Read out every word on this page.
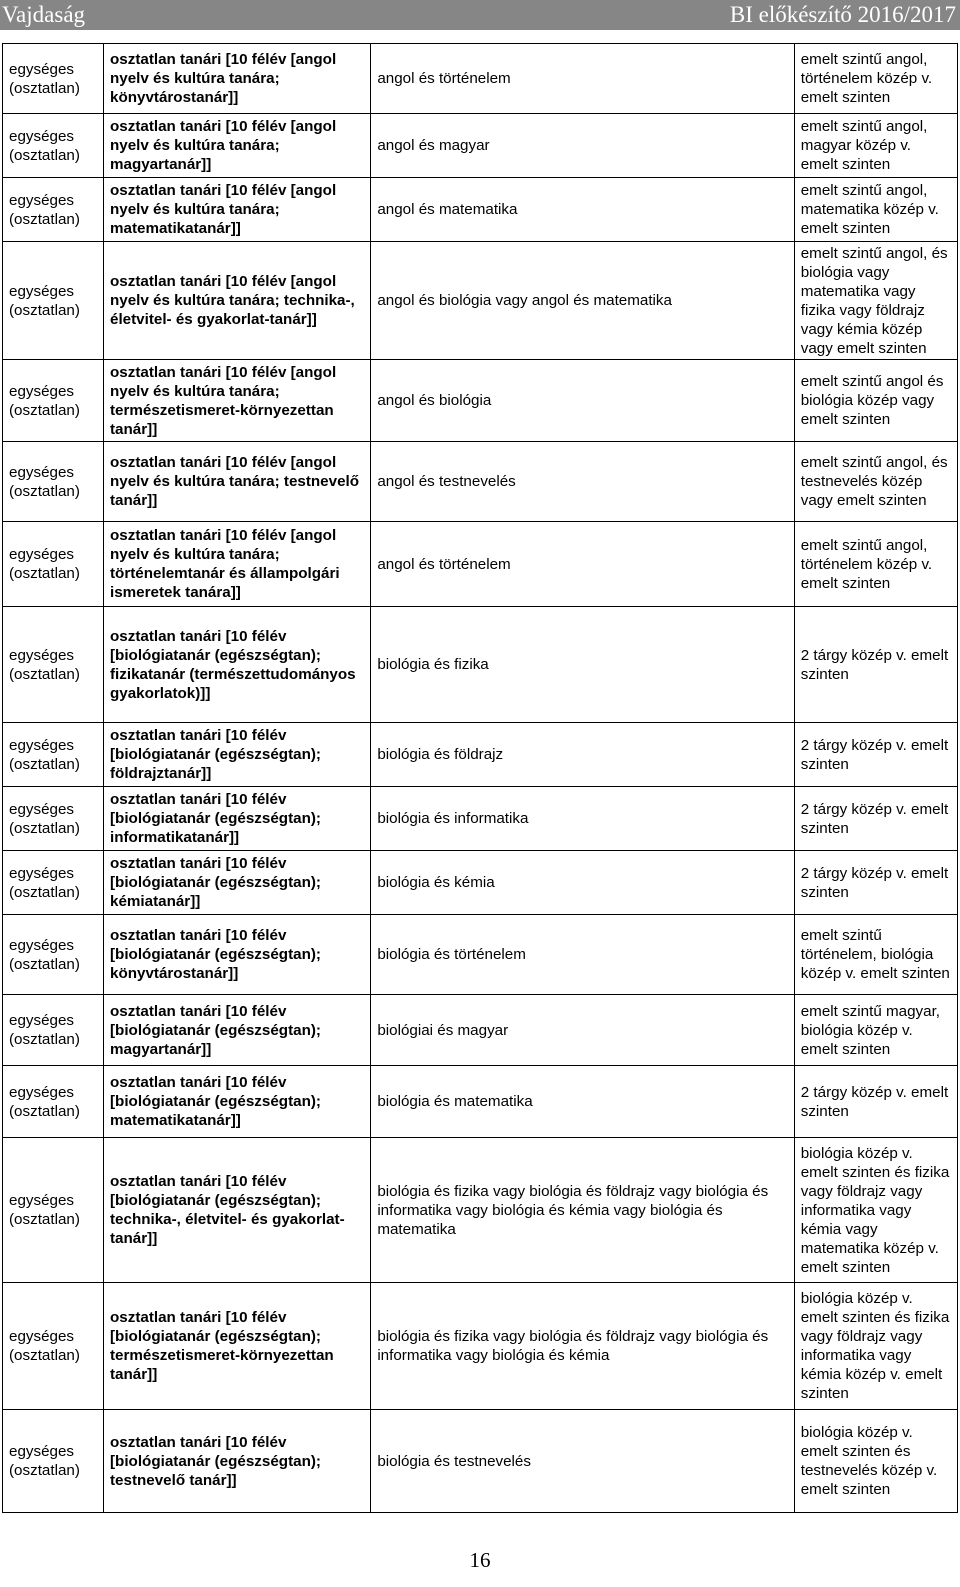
Vajdaság	BI előkészítő 2016/2017
egységes (osztatlan)	osztatlan tanári [10 félév [angol nyelv és kultúra tanára; könyvtárostanár]]	angol és történelem	emelt szintű angol, történelem közép v. emelt szinten
egységes (osztatlan)	osztatlan tanári [10 félév [angol nyelv és kultúra tanára; magyartanár]]	angol és magyar	emelt szintű angol, magyar közép v. emelt szinten
egységes (osztatlan)	osztatlan tanári [10 félév [angol nyelv és kultúra tanára; matematikatanár]]	angol és matematika	emelt szintű angol, matematika közép v. emelt szinten
egységes (osztatlan)	osztatlan tanári [10 félév [angol nyelv és kultúra tanára; technika-, életvitel- és gyakorlat-tanár]]	angol és biológia vagy angol és matematika	emelt szintű angol, és biológia vagy matematika vagy fizika vagy földrajz vagy kémia közép vagy emelt szinten
egységes (osztatlan)	osztatlan tanári [10 félév [angol nyelv és kultúra tanára; természetismeret-környezettan tanár]]	angol és biológia	emelt szintű angol és biológia közép vagy emelt szinten
egységes (osztatlan)	osztatlan tanári [10 félév [angol nyelv és kultúra tanára; testnevelő tanár]]	angol és testnevelés	emelt szintű angol, és testnevelés közép vagy emelt szinten
egységes (osztatlan)	osztatlan tanári [10 félév [angol nyelv és kultúra tanára; történelemtanár és állampolgári ismeretek tanára]]	angol és történelem	emelt szintű angol, történelem közép v. emelt szinten
egységes (osztatlan)	osztatlan tanári [10 félév [biológiatanár (egészségtan); fizikatanár (természettudományos gyakorlatok)]]	biológia és fizika	2 tárgy közép v. emelt szinten
egységes (osztatlan)	osztatlan tanári [10 félév [biológiatanár (egészségtan); földrajztanár]]	biológia és földrajz	2 tárgy közép v. emelt szinten
egységes (osztatlan)	osztatlan tanári [10 félév [biológiatanár (egészségtan); informatikatanár]]	biológia és informatika	2 tárgy közép v. emelt szinten
egységes (osztatlan)	osztatlan tanári [10 félév [biológiatanár (egészségtan); kémiatanár]]	biológia és kémia	2 tárgy közép v. emelt szinten
egységes (osztatlan)	osztatlan tanári [10 félév [biológiatanár (egészségtan); könyvtárostanár]]	biológia és történelem	emelt szintű történelem, biológia közép v. emelt szinten
egységes (osztatlan)	osztatlan tanári [10 félév [biológiatanár (egészségtan); magyartanár]]	biológiai és magyar	emelt szintű magyar, biológia közép v. emelt szinten
egységes (osztatlan)	osztatlan tanári [10 félév [biológiatanár (egészségtan); matematikatanár]]	biológia és matematika	2 tárgy közép v. emelt szinten
egységes (osztatlan)	osztatlan tanári [10 félév [biológiatanár (egészségtan); technika-, életvitel- és gyakorlat-tanár]]	biológia és fizika vagy biológia és földrajz vagy biológia és informatika vagy biológia és kémia vagy biológia és matematika	biológia közép v. emelt szinten és fizika vagy földrajz vagy informatika vagy kémia vagy matematika közép v. emelt szinten
egységes (osztatlan)	osztatlan tanári [10 félév [biológiatanár (egészségtan); természetismeret-környezettan tanár]]	biológia és fizika vagy biológia és földrajz vagy biológia és informatika vagy biológia és kémia	biológia közép v. emelt szinten és fizika vagy földrajz vagy informatika vagy kémia közép v. emelt szinten
egységes (osztatlan)	osztatlan tanári [10 félév [biológiatanár (egészségtan); testnevelő tanár]]	biológia és testnevelés	biológia közép v. emelt szinten és testnevelés közép v. emelt szinten
16
